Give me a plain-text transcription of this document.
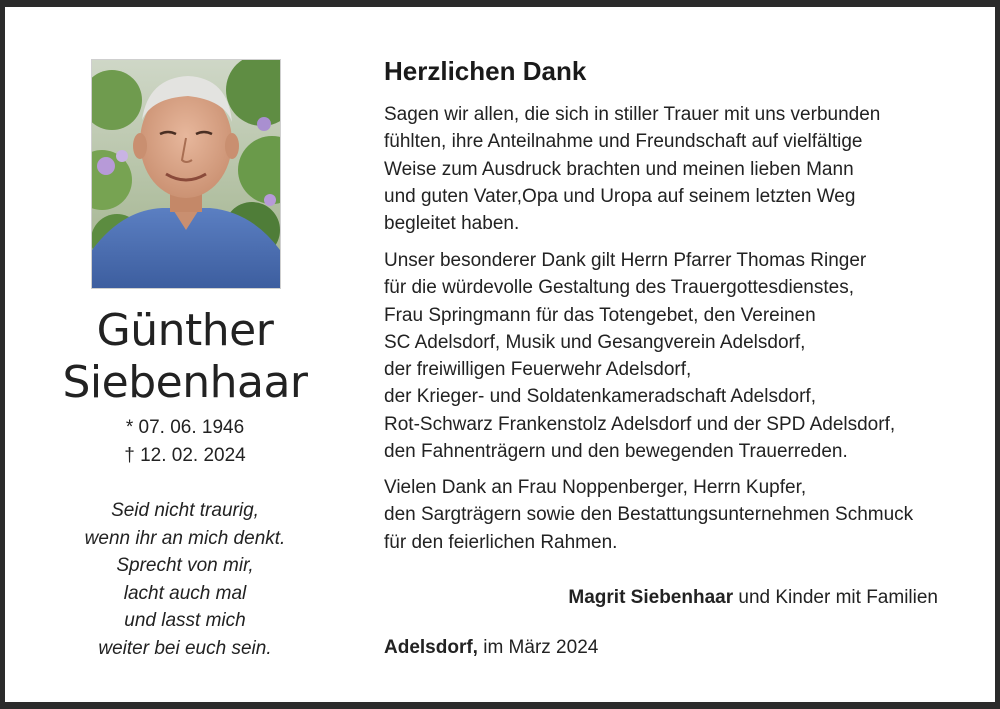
Günther
Siebenhaar
* 07. 06. 1946
† 12. 02. 2024
Seid nicht traurig,
wenn ihr an mich denkt.
Sprecht von mir,
lacht auch mal
und lasst mich
weiter bei euch sein.
Herzlichen Dank
Sagen wir allen, die sich in stiller Trauer mit uns verbunden
fühlten, ihre Anteilnahme und Freundschaft auf vielfältige
Weise zum Ausdruck brachten und meinen lieben Mann
und guten Vater,Opa und Uropa auf seinem letzten Weg
begleitet haben.
Unser besonderer Dank gilt Herrn Pfarrer Thomas Ringer
für die würdevolle Gestaltung des Trauergottesdienstes,
Frau Springmann für das Totengebet, den Vereinen
SC Adelsdorf, Musik und Gesangverein Adelsdorf,
der freiwilligen Feuerwehr Adelsdorf,
der Krieger- und Soldatenkameradschaft Adelsdorf,
Rot-Schwarz Frankenstolz Adelsdorf und der SPD Adelsdorf,
den Fahnenträgern und den bewegenden Trauerreden.
Vielen Dank an Frau Noppenberger, Herrn Kupfer,
den Sargträgern sowie den Bestattungsunternehmen Schmuck
für den feierlichen Rahmen.
Magrit Siebenhaar und Kinder mit Familien
Adelsdorf, im März 2024
